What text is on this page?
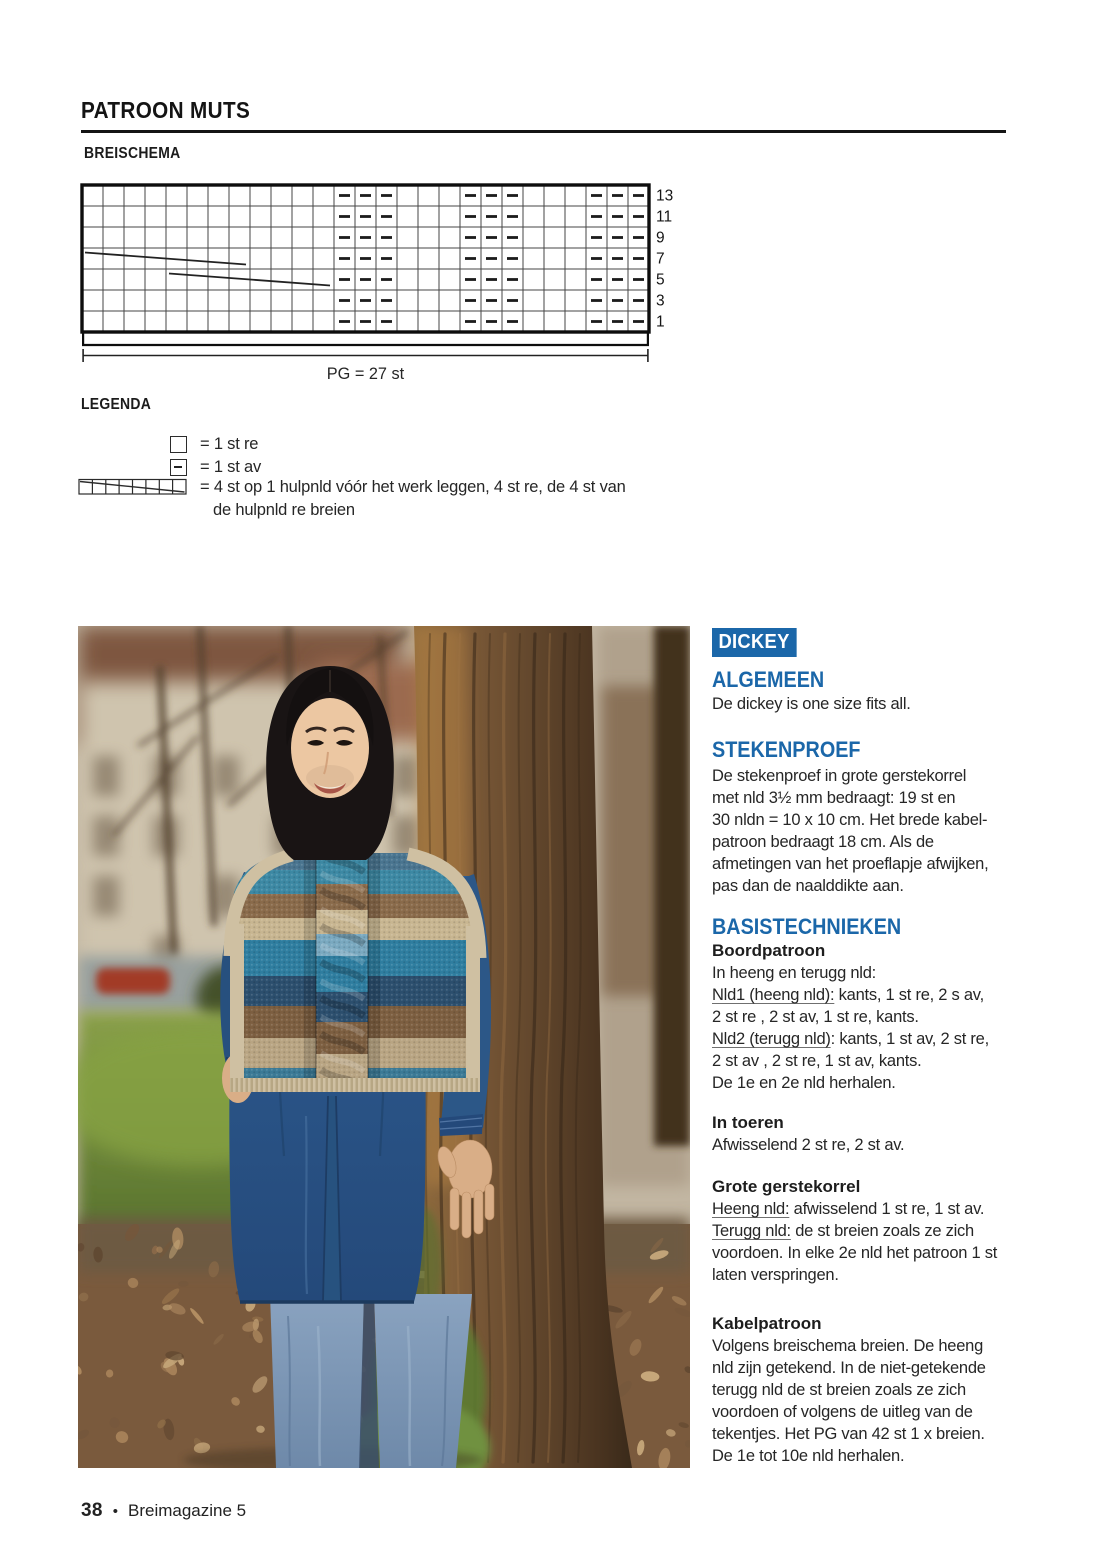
PATROON MUTS
BREISCHEMA
13
11
9
7
5
3
1
PG = 27 st
LEGENDA
= 1 st re
= 1 st av
= 4 st op 1 hulpnld vóór het werk leggen, 4 st re, de 4 st van
de hulpnld re breien
DICKEY
ALGEMEEN
De dickey is one size fits all.
STEKENPROEF
De stekenproef in grote gerstekorrel
met nld 3½ mm bedraagt: 19 st en
30 nldn = 10 x 10 cm. Het brede kabel-
patroon bedraagt 18 cm. Als de
afmetingen van het proeflapje afwijken,
pas dan de naalddikte aan.
BASISTECHNIEKEN
Boordpatroon
In heeng en terugg nld:
Nld1 (heeng nld): kants, 1 st re, 2 s av,
2 st re , 2 st av, 1 st re, kants.
Nld2 (terugg nld): kants, 1 st av, 2 st re,
2 st av , 2 st re, 1 st av, kants.
De 1e en 2e nld herhalen.
In toeren
Afwisselend 2 st re, 2 st av.
Grote gerstekorrel
Heeng nld: afwisselend 1 st re, 1 st av.
Terugg nld: de st breien zoals ze zich
voordoen. In elke 2e nld het patroon 1 st
laten verspringen.
Kabelpatroon
Volgens breischema breien. De heeng
nld zijn getekend. In de niet-getekende
terugg nld de st breien zoals ze zich
voordoen of volgens de uitleg van de
tekentjes. Het PG van 42 st 1 x breien.
De 1e tot 10e nld herhalen.
38 • Breimagazine 5
